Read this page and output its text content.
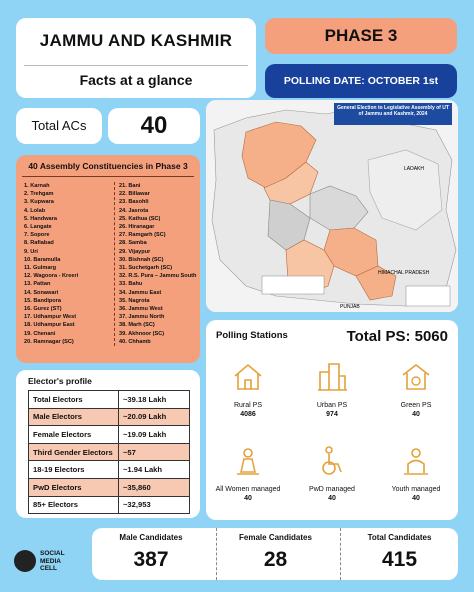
JAMMU AND KASHMIR
Facts at a glance
PHASE 3
POLLING DATE: OCTOBER 1st
Total ACs	40
40 Assembly Constituencies in Phase 3
1. Karnah
2. Trehgam
3. Kupwara
4. Lolab
5. Handwara
6. Langate
7. Sopore
8. Rafiabad
9. Uri
10. Baramulla
11. Gulmarg
12. Wagoora - Kreeri
13. Pattan
14. Sonawari
15. Bandipora
16. Gurez (ST)
17. Udhampur West
18. Udhampur East
19. Chenani
20. Ramnagar (SC)
21. Bani
22. Billawar
23. Basohli
24. Jasrota
25. Kathua (SC)
26. Hiranagar
27. Ramgarh (SC)
28. Samba
29. Vijaypur
30. Bishnah (SC)
31. Suchetgarh (SC)
32. R.S. Pura – Jammu South
33. Bahu
34. Jammu East
35. Nagrota
36. Jammu West
37. Jammu North
38. Marh (SC)
39. Akhnoor (SC)
40. Chhamb
LADAKH
HIMACHAL PRADESH
PUNJAB
General Election to Legislative Assembly of UT of Jammu and Kashmir, 2024
Polling Stations	Total PS: 5060
Rural PS
4086
Urban PS
974
Green PS
40
All Women managed
40
PwD managed
40
Youth managed
40
Elector's profile
Total Electors	~39.18 Lakh
Male Electors	~20.09 Lakh
Female Electors	~19.09 Lakh
Third Gender Electors	~57
18-19 Electors	~1.94 Lakh
PwD Electors	~35,860
85+ Electors	~32,953
SOCIAL
MEDIA
CELL
Male Candidates
387
Female Candidates
28
Total Candidates
415
